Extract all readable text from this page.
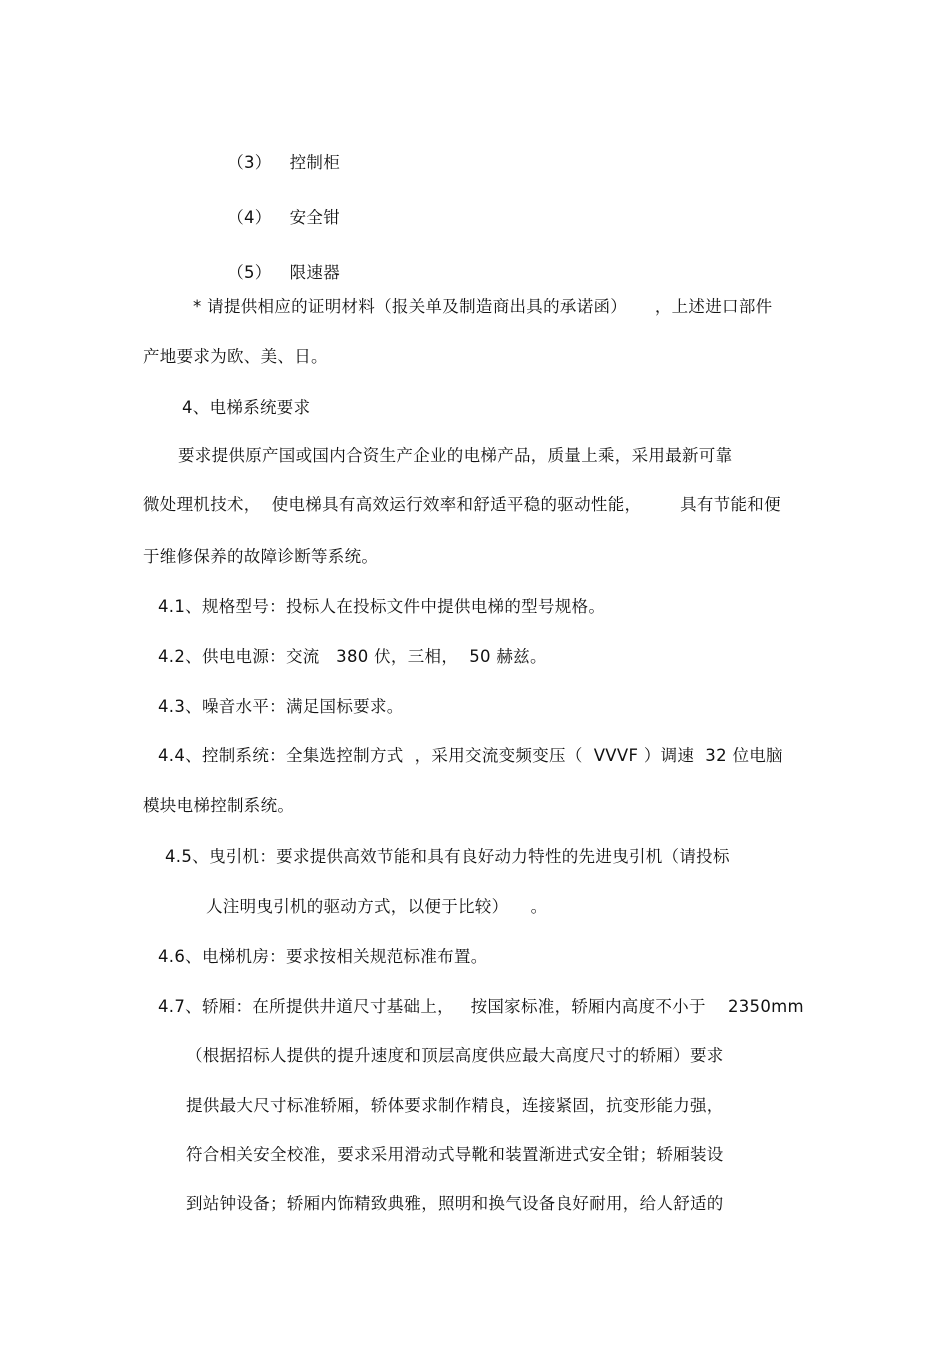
（3） 控制柜

（4） 安全钳

（5） 限速器

* 请提供相应的证明材料（报关单及制造商出具的承诺函）     ，上述进口部件
产地要求为欧、美、日。
4、电梯系统要求
要求提供原产国或国内合资生产企业的电梯产品，质量上乘，采用最新可靠
微处理机技术，  使电梯具有高效运行效率和舒适平稳的驱动性能，       具有节能和便
于维修保养的故障诊断等系统。
4.1、规格型号：投标人在投标文件中提供电梯的型号规格。
4.2、供电电源：交流   380 伏，三相，  50 赫兹。
4.3、噪音水平：满足国标要求。
4.4、控制系统：全集选控制方式  ，采用交流变频变压（  VVVF ）调速  32 位电脑
模块电梯控制系统。
4.5、曳引机：要求提供高效节能和具有良好动力特性的先进曳引机（请投标
人注明曳引机的驱动方式，以便于比较）    。
4.6、电梯机房：要求按相关规范标准布置。
4.7、轿厢：在所提供井道尺寸基础上，   按国家标准，轿厢内高度不小于    2350mm
（根据招标人提供的提升速度和顶层高度供应最大高度尺寸的轿厢）要求
提供最大尺寸标准轿厢，轿体要求制作精良，连接紧固，抗变形能力强，
符合相关安全校准，要求采用滑动式导靴和装置渐进式安全钳；轿厢装设
到站钟设备；轿厢内饰精致典雅，照明和换气设备良好耐用，给人舒适的
